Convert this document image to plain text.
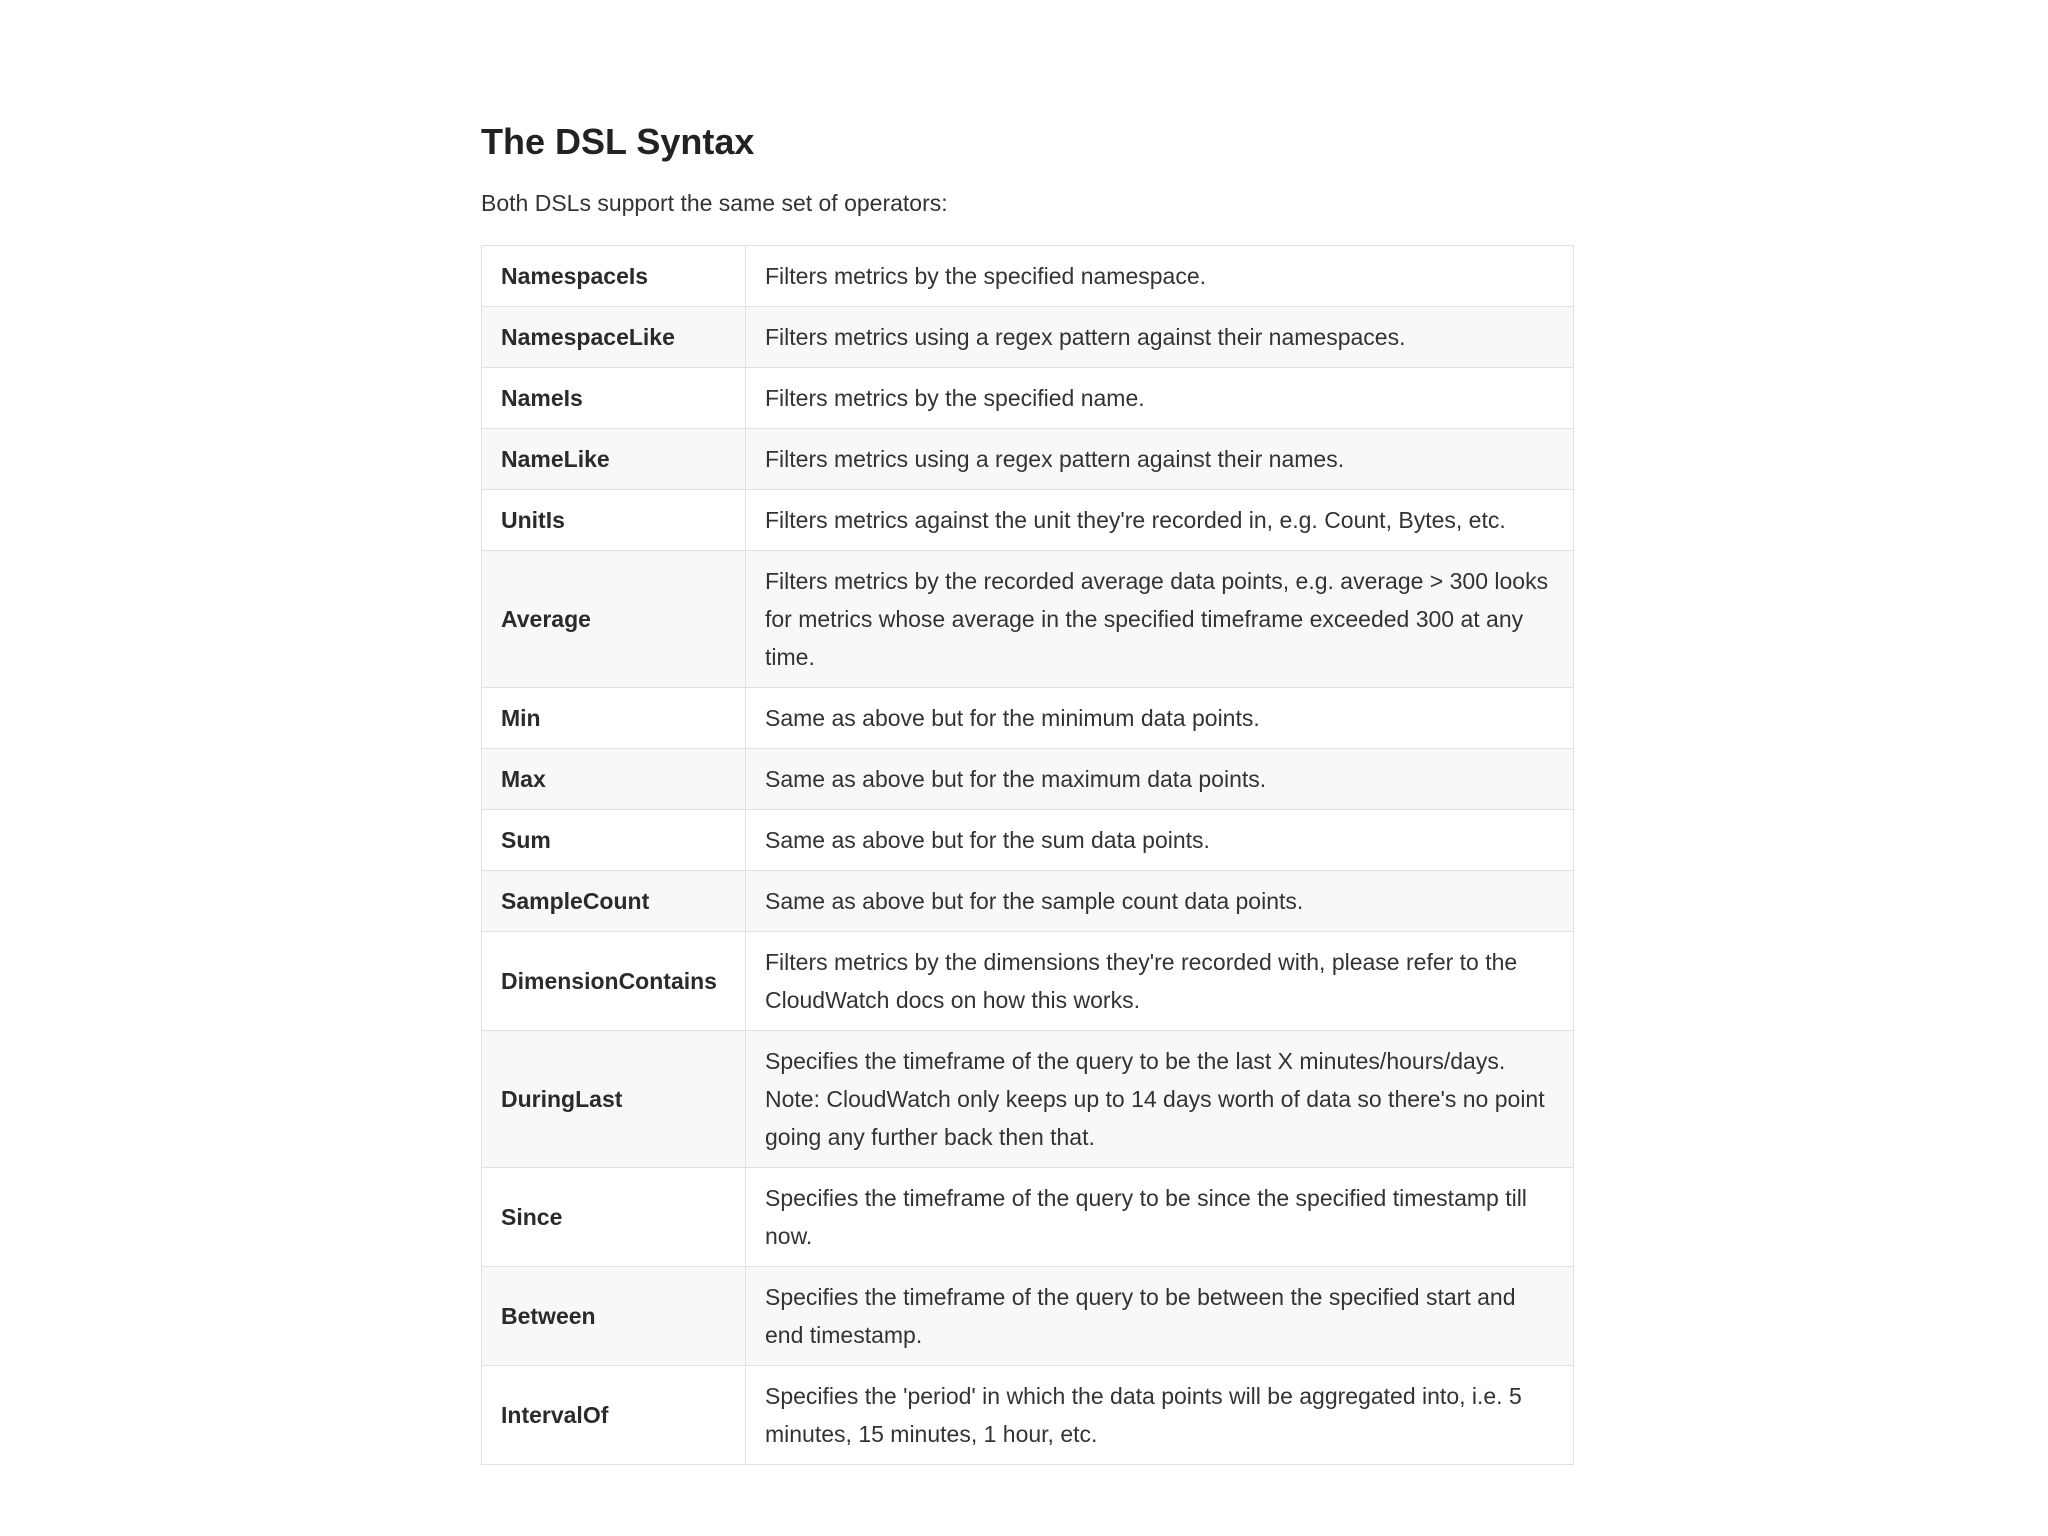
The DSL Syntax

Both DSLs support the same set of operators:

NamespaceIs	Filters metrics by the specified namespace.
NamespaceLike	Filters metrics using a regex pattern against their namespaces.
NameIs	Filters metrics by the specified name.
NameLike	Filters metrics using a regex pattern against their names.
UnitIs	Filters metrics against the unit they're recorded in, e.g. Count, Bytes, etc.
Average	Filters metrics by the recorded average data points, e.g. average > 300 looks for metrics whose average in the specified timeframe exceeded 300 at any time.
Min	Same as above but for the minimum data points.
Max	Same as above but for the maximum data points.
Sum	Same as above but for the sum data points.
SampleCount	Same as above but for the sample count data points.
DimensionContains	Filters metrics by the dimensions they're recorded with, please refer to the CloudWatch docs on how this works.
DuringLast	Specifies the timeframe of the query to be the last X minutes/hours/days. Note: CloudWatch only keeps up to 14 days worth of data so there's no point going any further back then that.
Since	Specifies the timeframe of the query to be since the specified timestamp till now.
Between	Specifies the timeframe of the query to be between the specified start and end timestamp.
IntervalOf	Specifies the 'period' in which the data points will be aggregated into, i.e. 5 minutes, 15 minutes, 1 hour, etc.
